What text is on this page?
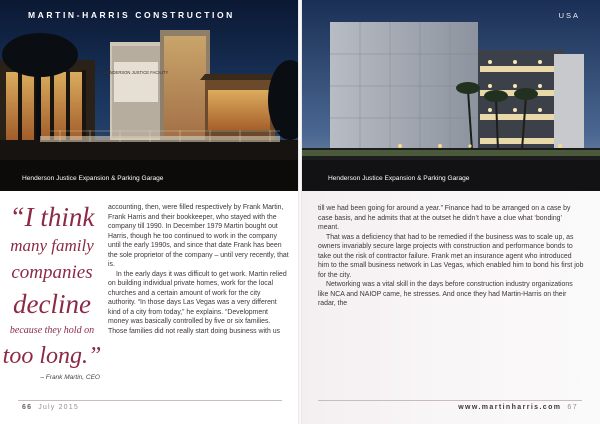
HENDERSON JUSTICE FACILITY
MARTIN-HARRIS CONSTRUCTION
Henderson Justice Expansion & Parking Garage
“I think
many family
companies
decline
because they hold on
too long.”
– Frank Martin, CEO

accounting, then, were filled respectively by Frank Martin, Frank Harris and their bookkeeper, who stayed with the company till 1990. In December 1979 Martin bought out Harris, though he too continued to work in the company until the early 1990s, and since that date Frank has been the sole proprietor of the company – until very recently, that is.

In the early days it was difficult to get work. Martin relied on building individual private homes, work for the local churches and a certain amount of work for the city authority. “In those days Las Vegas was a very different kind of a city from today,” he explains. “Development money was basically controlled by five or six families. Those families did not really start doing business with us

66 July 2015
USA
Henderson Justice Expansion & Parking Garage

till we had been going for around a year.” Finance had to be arranged on a case by case basis, and he admits that at the outset he didn’t have a clue what ‘bonding’ meant.

That was a deficiency that had to be remedied if the business was to scale up, as owners invariably secure large projects with construction and performance bonds to take out the risk of contractor failure. Frank met an insurance agent who introduced him to the small business network in Las Vegas, which enabled him to bond his first job for the city.

Networking was a vital skill in the days before construction industry organizations like NCA and NAIOP came, he stresses. And once they had Martin-Harris on their radar, the

www.martinharris.com 67
